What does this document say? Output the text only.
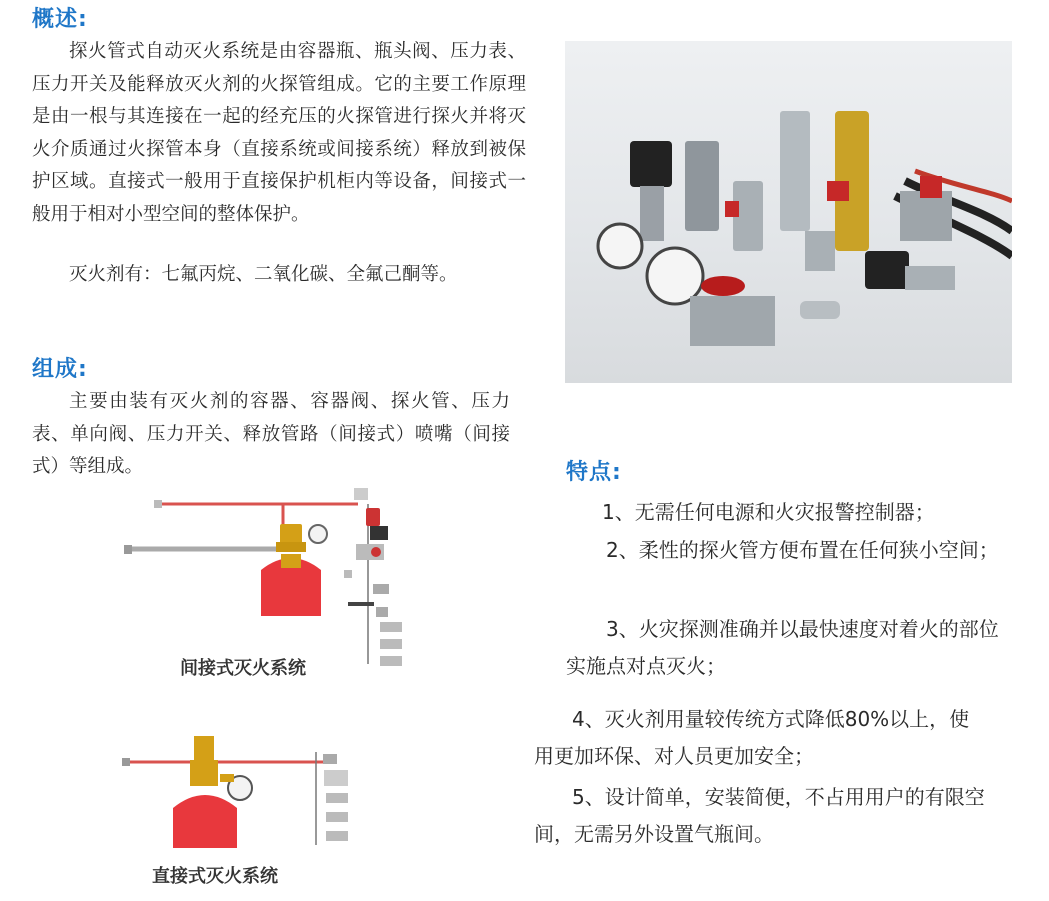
概述:

探火管式自动灭火系统是由容器瓶、瓶头阀、压力表、压力开关及能释放灭火剂的火探管组成。它的主要工作原理是由一根与其连接在一起的经充压的火探管进行探火并将灭火介质通过火探管本身（直接系统或间接系统）释放到被保护区域。直接式一般用于直接保护机柜内等设备，间接式一般用于相对小型空间的整体保护。

灭火剂有：七氟丙烷、二氧化碳、全氟己酮等。

组成:

主要由装有灭火剂的容器、容器阀、探火管、压力表、单向阀、压力开关、释放管路（间接式）喷嘴（间接式）等组成。

间接式灭火系统
直接式灭火系统
特点:

1、无需任何电源和火灾报警控制器；

2、柔性的探火管方便布置在任何狭小空间；

3、火灾探测准确并以最快速度对着火的部位实施点对点灭火；

4、灭火剂用量较传统方式降低80%以上，使用更加环保、对人员更加安全；

5、设计简单，安装简便，不占用用户的有限空间，无需另外设置气瓶间。
